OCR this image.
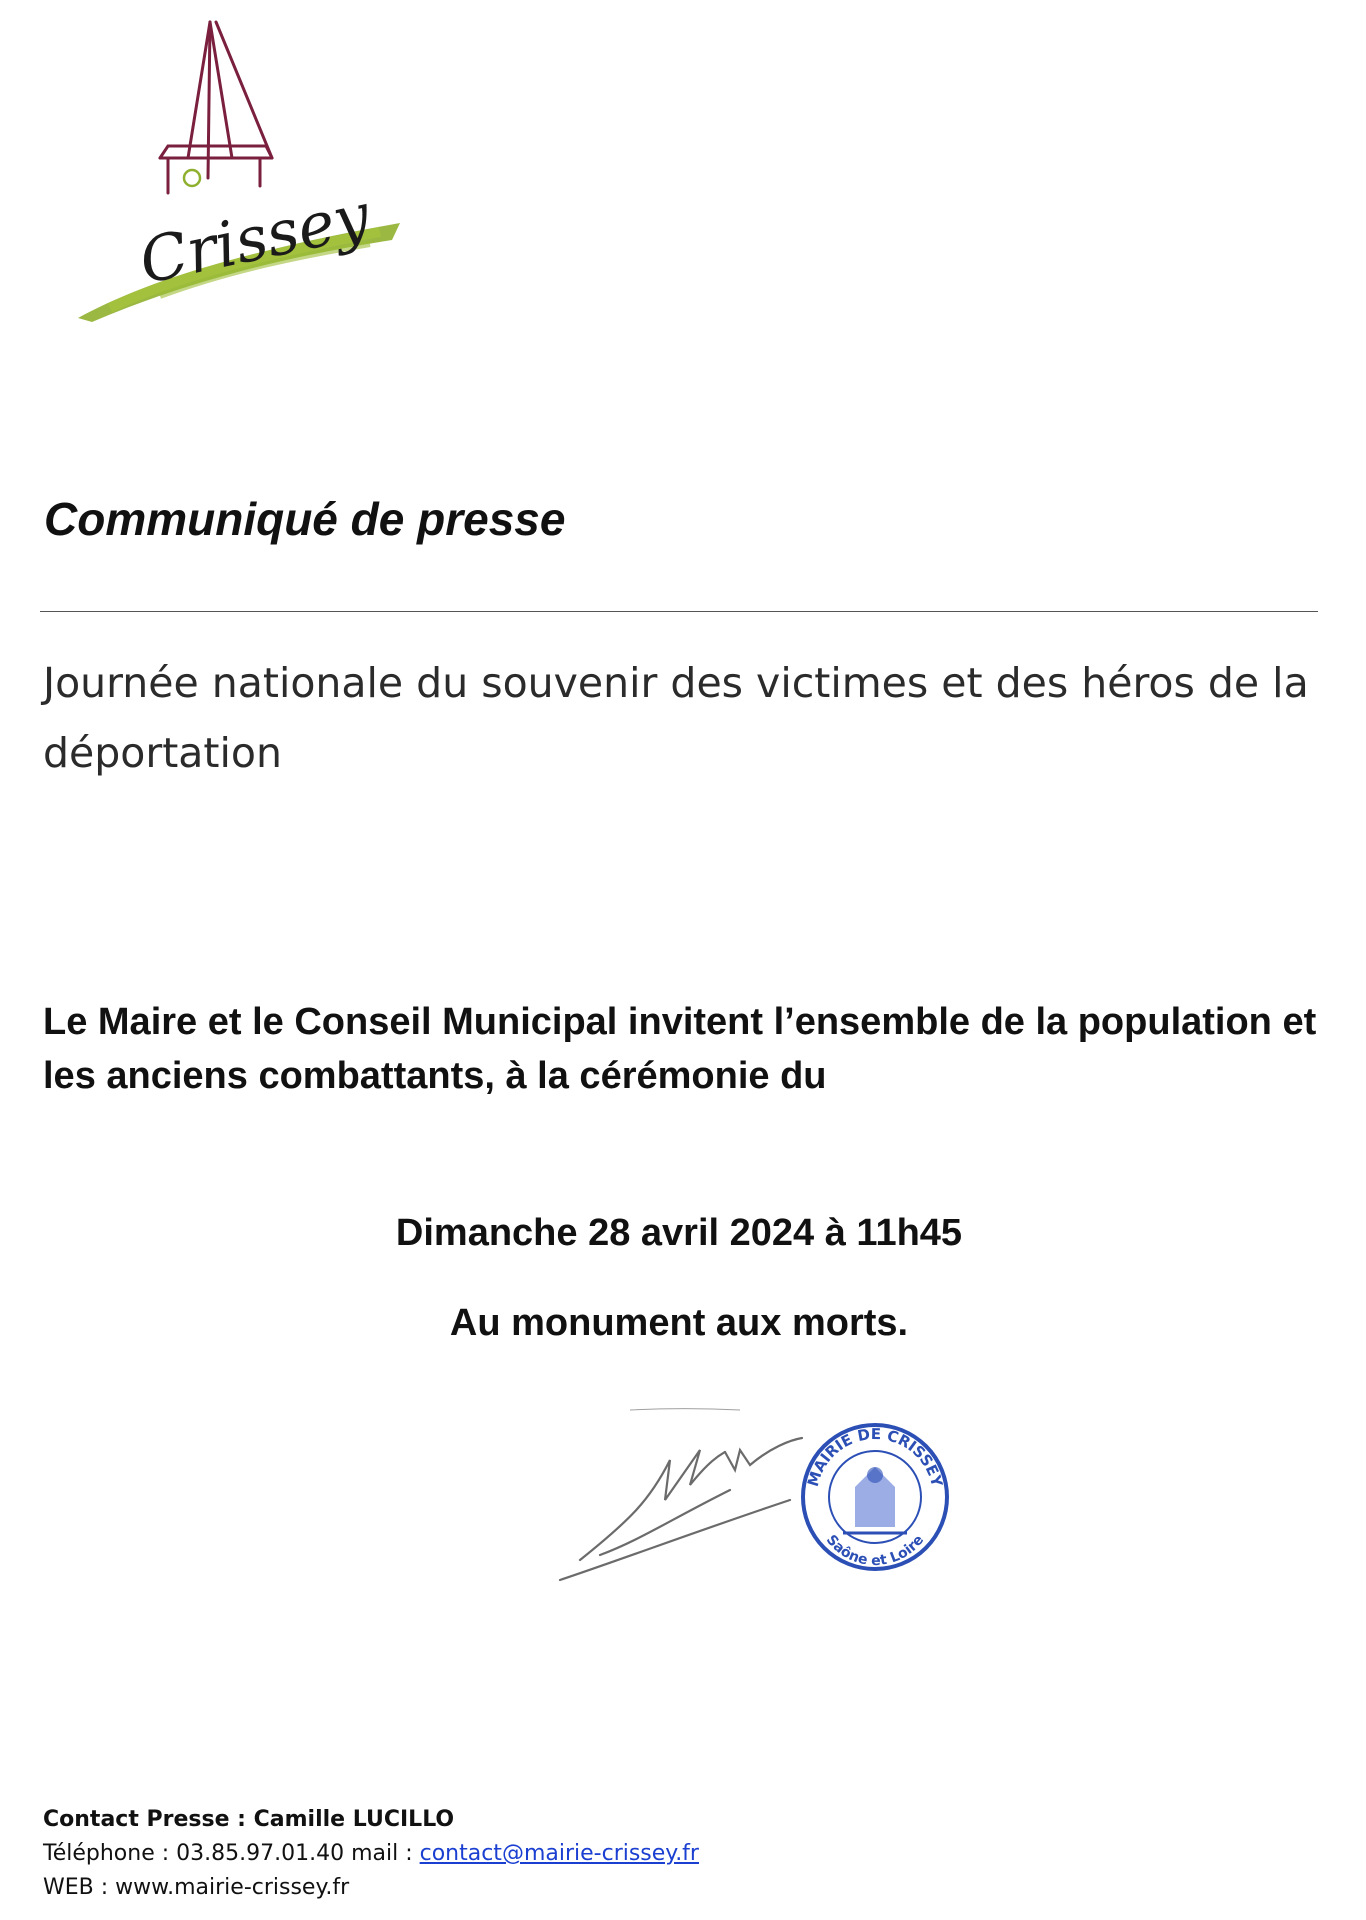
Crissey
Communiqué de presse
Journée nationale du souvenir des victimes et des héros de la déportation
Le Maire et le Conseil Municipal invitent l’ensemble de la population et les anciens combattants, à la cérémonie du
Dimanche 28 avril 2024 à 11h45
Au monument aux morts.
MAIRIE DE CRISSEY
Saône et Loire
Contact Presse : Camille LUCILLO
Téléphone : 03.85.97.01.40 mail : contact@mairie-crissey.fr
WEB : www.mairie-crissey.fr
